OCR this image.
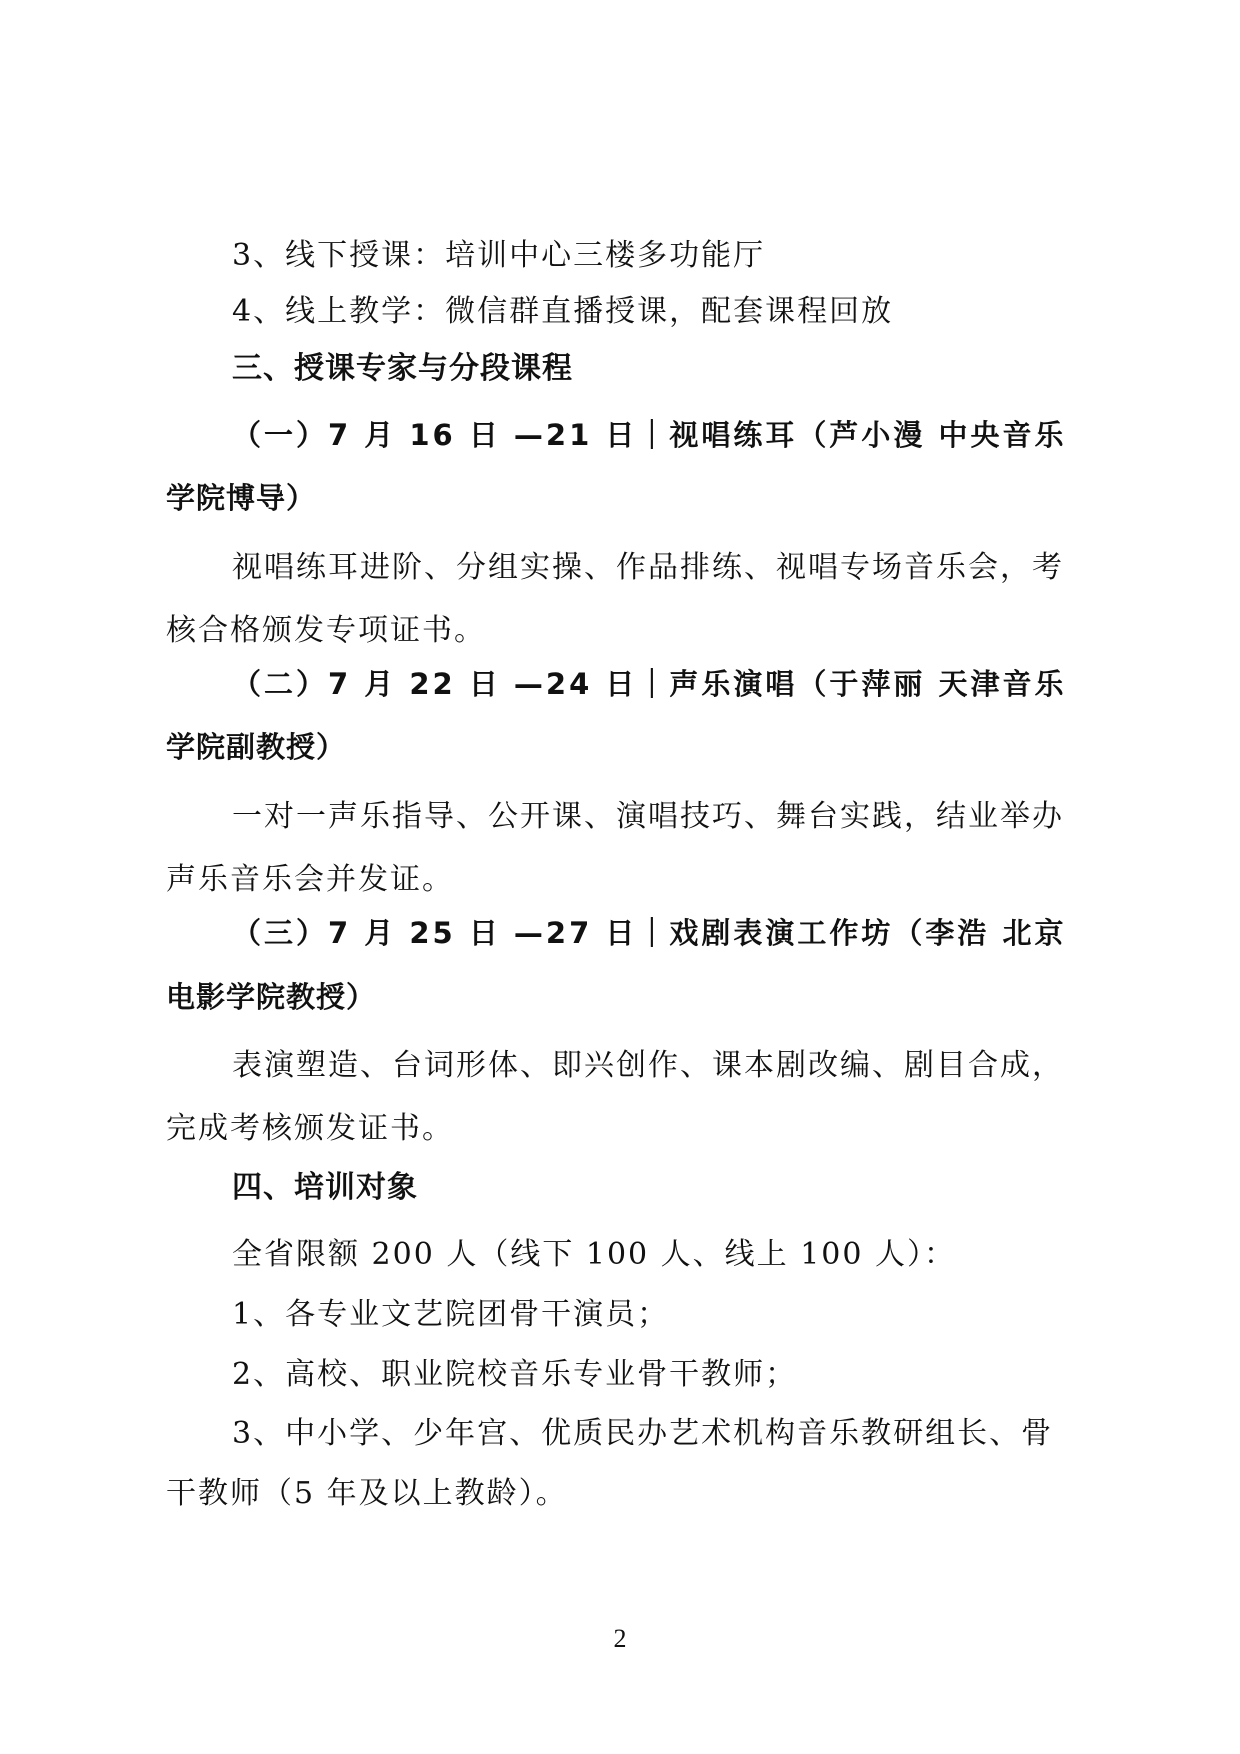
3、线下授课：培训中心三楼多功能厅
4、线上教学：微信群直播授课，配套课程回放
三、授课专家与分段课程
（一）7 月 16 日 —21 日｜视唱练耳（芦小漫 中央音乐
学院博导）
视唱练耳进阶、分组实操、作品排练、视唱专场音乐会，考
核合格颁发专项证书。
（二）7 月 22 日 —24 日｜声乐演唱（于萍丽 天津音乐
学院副教授）
一对一声乐指导、公开课、演唱技巧、舞台实践，结业举办
声乐音乐会并发证。
（三）7 月 25 日 —27 日｜戏剧表演工作坊（李浩 北京
电影学院教授）
表演塑造、台词形体、即兴创作、课本剧改编、剧目合成，
完成考核颁发证书。
四、培训对象
全省限额 200 人（线下 100 人、线上 100 人）：
1、各专业文艺院团骨干演员；
2、高校、职业院校音乐专业骨干教师；
3、中小学、少年宫、优质民办艺术机构音乐教研组长、骨
干教师（5 年及以上教龄）。
2
